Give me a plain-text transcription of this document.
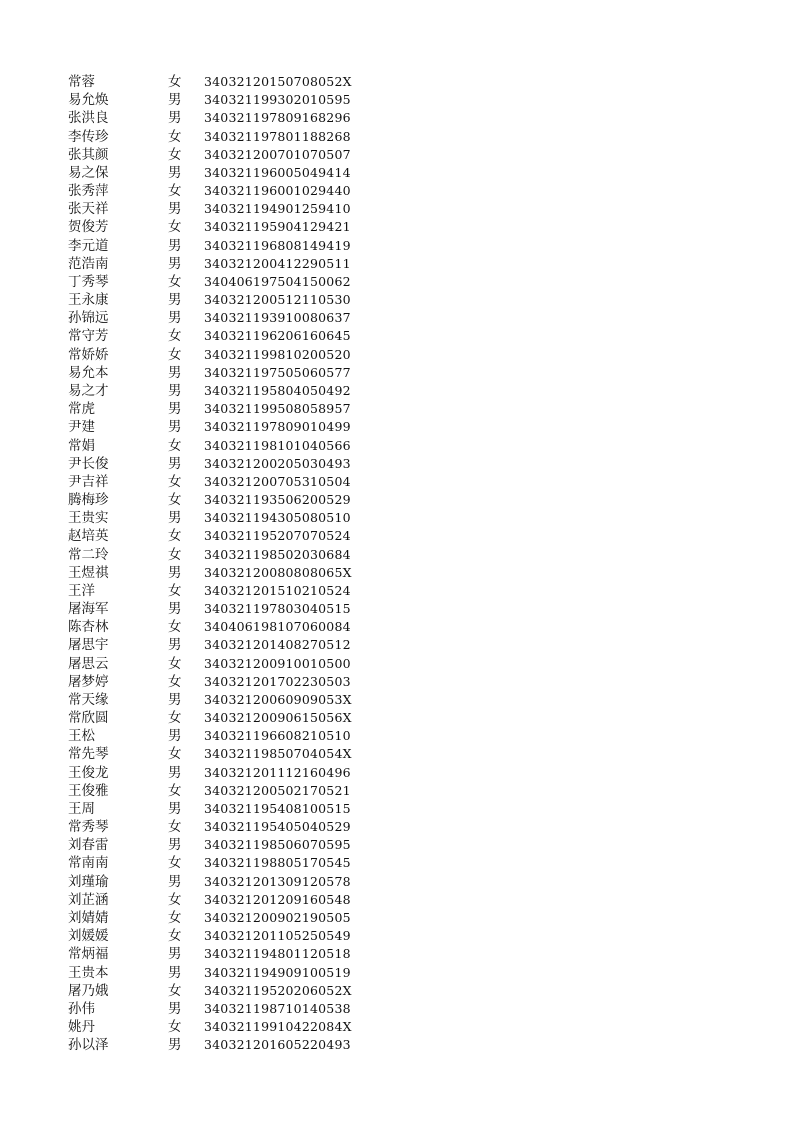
常蓉	女	34032120150708052X
易允焕	男	340321199302010595
张洪良	男	340321197809168296
李传珍	女	340321197801188268
张其颜	女	340321200701070507
易之保	男	340321196005049414
张秀萍	女	340321196001029440
张天祥	男	340321194901259410
贺俊芳	女	340321195904129421
李元道	男	340321196808149419
范浩南	男	340321200412290511
丁秀琴	女	340406197504150062
王永康	男	340321200512110530
孙锦远	男	340321193910080637
常守芳	女	340321196206160645
常娇娇	女	340321199810200520
易允本	男	340321197505060577
易之才	男	340321195804050492
常虎	男	340321199508058957
尹建	男	340321197809010499
常娟	女	340321198101040566
尹长俊	男	340321200205030493
尹吉祥	女	340321200705310504
腾梅珍	女	340321193506200529
王贵实	男	340321194305080510
赵培英	女	340321195207070524
常二玲	女	340321198502030684
王煜祺	男	34032120080808065X
王洋	女	340321201510210524
屠海军	男	340321197803040515
陈杏林	女	340406198107060084
屠思宇	男	340321201408270512
屠思云	女	340321200910010500
屠梦婷	女	340321201702230503
常天缘	男	34032120060909053X
常欣圆	女	34032120090615056X
王松	男	340321196608210510
常先琴	女	34032119850704054X
王俊龙	男	340321201112160496
王俊雅	女	340321200502170521
王周	男	340321195408100515
常秀琴	女	340321195405040529
刘春雷	男	340321198506070595
常南南	女	340321198805170545
刘瑾瑜	男	340321201309120578
刘芷涵	女	340321201209160548
刘婧婧	女	340321200902190505
刘媛媛	女	340321201105250549
常炳福	男	340321194801120518
王贵本	男	340321194909100519
屠乃娥	女	34032119520206052X
孙伟	男	340321198710140538
姚丹	女	34032119910422084X
孙以泽	男	340321201605220493
